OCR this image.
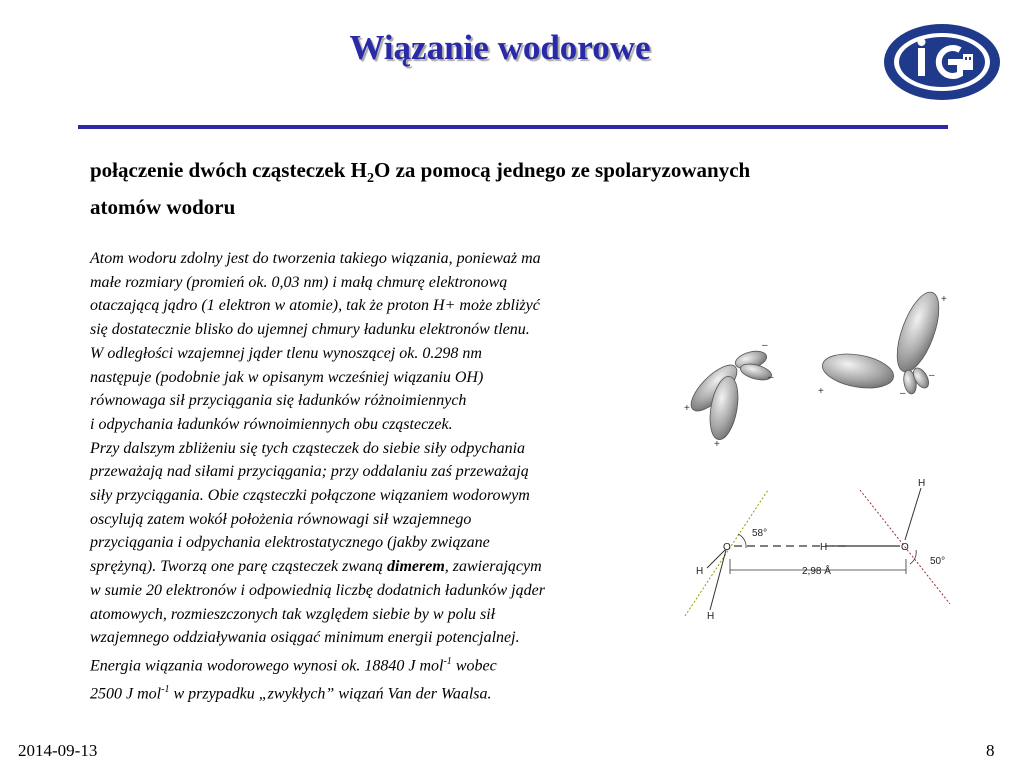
Wiązanie wodorowe
połączenie dwóch cząsteczek $H_2O$ za pomocą jednego ze spolaryzowanych
atomów wodoru
Atom wodoru zdolny jest do tworzenia takiego wiązania, ponieważ ma
małe rozmiary (promień ok. 0,03 nm) i małą chmurę elektronową
otaczającą jądro (1 elektron w atomie), tak że proton H+ może zbliżyć
się dostatecznie blisko do ujemnej chmury ładunku elektronów tlenu.
W odległości wzajemnej jąder tlenu wynoszącej ok. 0.298 nm
następuje (podobnie jak w opisanym wcześniej wiązaniu OH)
równowaga sił przyciągania się ładunków różnoimiennych
i odpychania ładunków równoimiennych obu cząsteczek.
Przy dalszym zbliżeniu się tych cząsteczek do siebie siły odpychania
przeważają nad siłami przyciągania; przy oddalaniu zaś przeważają
siły przyciągania. Obie cząsteczki połączone wiązaniem wodorowym
oscylują zatem wokół położenia równowagi sił wzajemnego
przyciągania i odpychania elektrostatycznego (jakby związane
sprężyną). Tworzą one parę cząsteczek zwaną dimerem, zawierającym
w sumie 20 elektronów i odpowiednią liczbę dodatnich ładunków jąder
atomowych, rozmieszczonych tak względem siebie by w polu sił
wzajemnego oddziaływania osiągać minimum energii potencjalnej.
Energia wiązania wodorowego wynosi ok. 18840 J mol$^{-1}$ wobec
2500 J mol$^{-1}$ w przypadku „zwykłych” wiązań Van der Waalsa.
–
–
+
+
+
–
–
+
O	O
H
H
H
H
58°
50°
2,98 Å
2014-09-13	8
